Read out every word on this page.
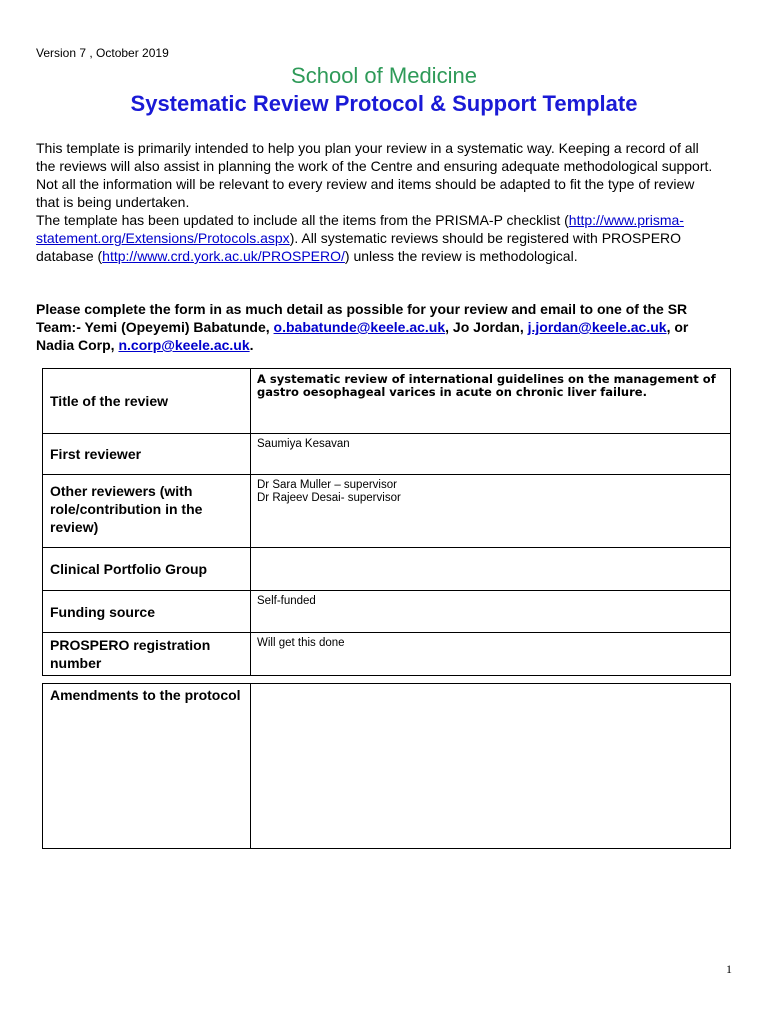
Version 7 , October 2019
School of Medicine
Systematic Review Protocol & Support Template

This template is primarily intended to help you plan your review in a systematic way. Keeping a record of all the reviews will also assist in planning the work of the Centre and ensuring adequate methodological support. Not all the information will be relevant to every review and items should be adapted to fit the type of review that is being undertaken.

The template has been updated to include all the items from the PRISMA-P checklist (http://www.prisma-statement.org/Extensions/Protocols.aspx). All systematic reviews should be registered with PROSPERO database (http://www.crd.york.ac.uk/PROSPERO/) unless the review is methodological.

Please complete the form in as much detail as possible for your review and email to one of the SR Team:- Yemi (Opeyemi) Babatunde, o.babatunde@keele.ac.uk, Jo Jordan, j.jordan@keele.ac.uk, or Nadia Corp, n.corp@keele.ac.uk.
Title of the review	A systematic review of international guidelines on the management of gastro oesophageal varices in acute on chronic liver failure.

First reviewer	Saumiya Kesavan

Other reviewers (with role/contribution in the review)	Dr Sara Muller – supervisor
Dr Rajeev Desai- supervisor

Clinical Portfolio Group	

Funding source	Self-funded

PROSPERO registration number	Will get this done
Amendments to the protocol	
1
